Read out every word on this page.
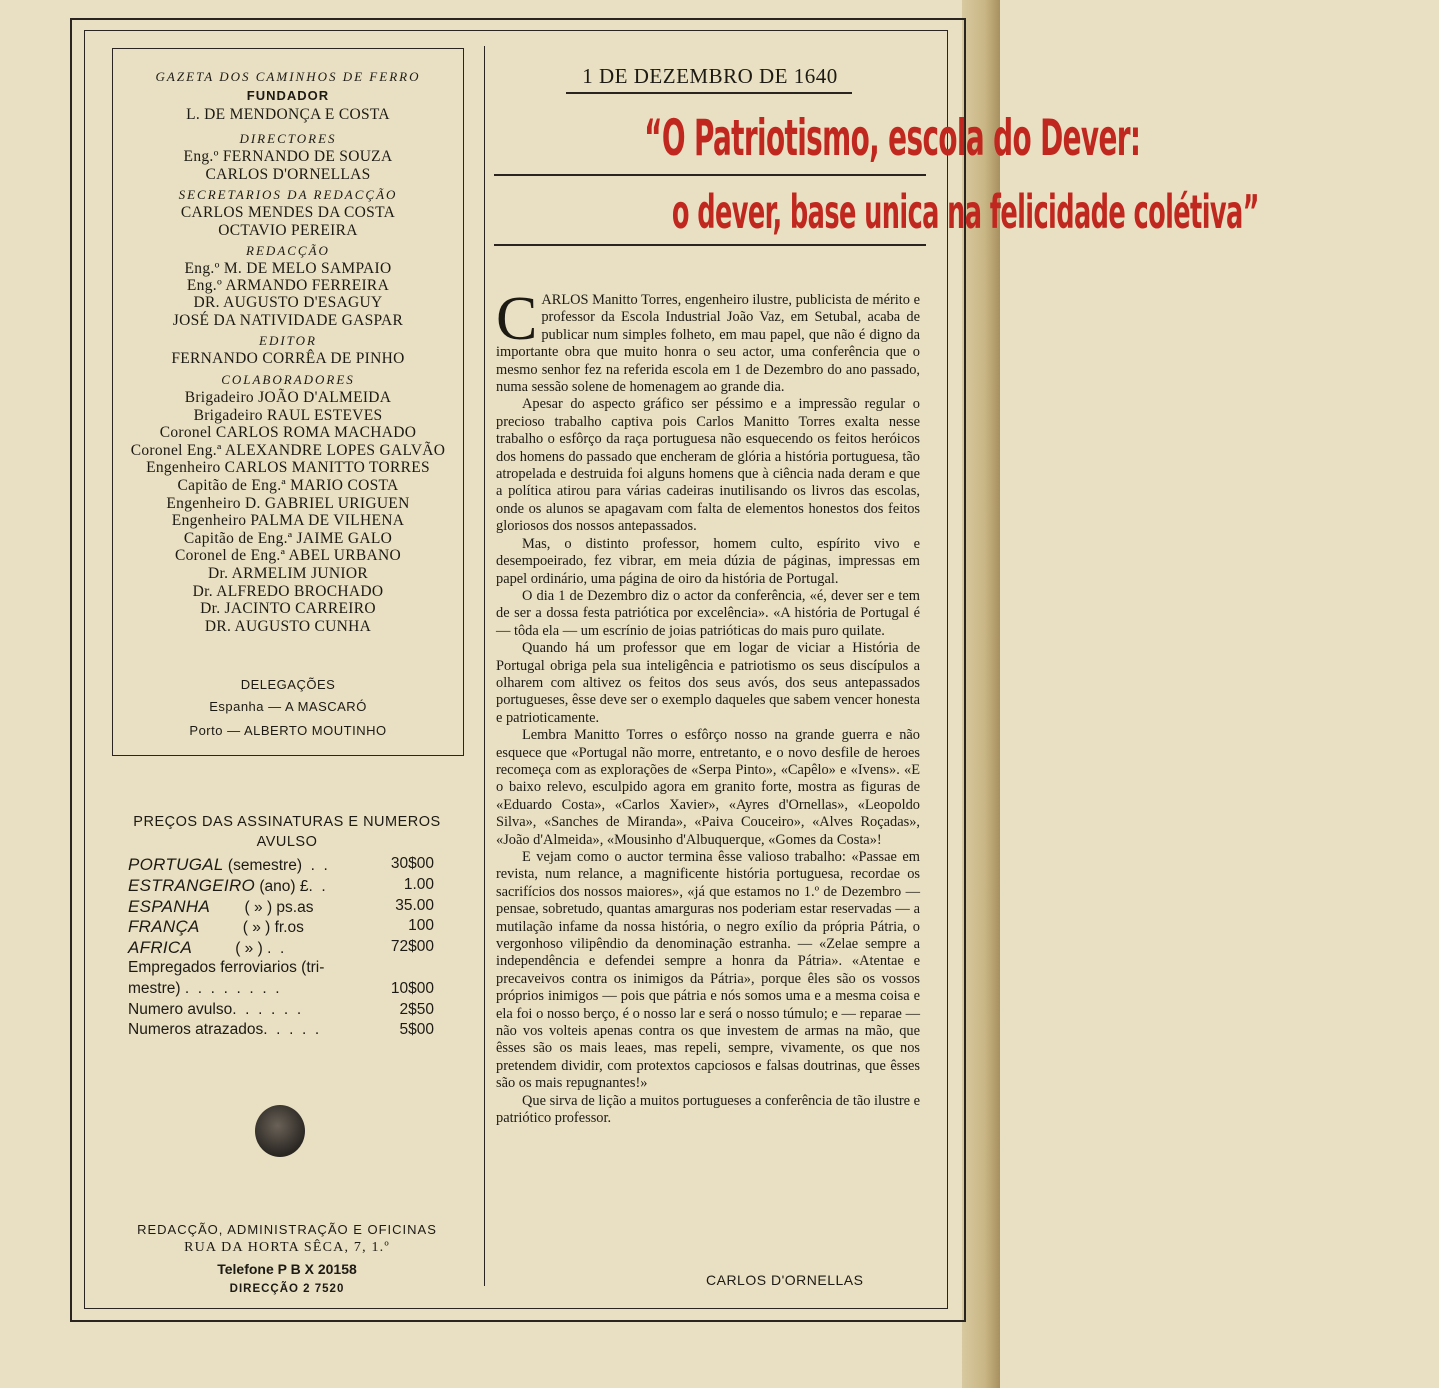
GAZETA DOS CAMINHOS DE FERRO
FUNDADOR
L. DE MENDONÇA E COSTA
DIRECTORES
Eng.º FERNANDO DE SOUZA
CARLOS D'ORNELLAS
SECRETARIOS DA REDACÇÃO
CARLOS MENDES DA COSTA
OCTAVIO PEREIRA
REDACÇÃO
Eng.º M. DE MELO SAMPAIO
Eng.º ARMANDO FERREIRA
DR. AUGUSTO D'ESAGUY
JOSÉ DA NATIVIDADE GASPAR
EDITOR
FERNANDO CORRÊA DE PINHO
COLABORADORES
Brigadeiro JOÃO D'ALMEIDA
Brigadeiro RAUL ESTEVES
Coronel CARLOS ROMA MACHADO
Coronel Eng.ª ALEXANDRE LOPES GALVÃO
Engenheiro CARLOS MANITTO TORRES
Capitão de Eng.ª MARIO COSTA
Engenheiro D. GABRIEL URIGUEN
Engenheiro PALMA DE VILHENA
Capitão de Eng.ª JAIME GALO
Coronel de Eng.ª ABEL URBANO
Dr. ARMELIM JUNIOR
Dr. ALFREDO BROCHADO
Dr. JACINTO CARREIRO
DR. AUGUSTO CUNHA
DELEGAÇÕES
Espanha — A MASCARÓ
Porto — ALBERTO MOUTINHO
PREÇOS DAS ASSINATURAS E NUMEROS AVULSO
PORTUGAL (semestre)  .  .	30$00
ESTRANGEIRO (ano) £.  .	1.00
ESPANHA        ( » ) ps.as	35.00
FRANÇA          ( » ) fr.os	100
AFRICA          ( » ) .  .	72$00
Empregados ferroviarios (tri-
mestre) .  .  .  .  .  .  .  .	10$00
Numero avulso.  .  .  .  .  .	2$50
Numeros atrazados.  .  .  .  .	5$00
REDACÇÃO, ADMINISTRAÇÃO E OFICINAS
RUA DA HORTA SÊCA, 7, 1.º
Telefone P B X 20158
DIRECÇÃO 2 7520
1 DE DEZEMBRO DE 1640
“O Patriotismo, escola do Dever:
o dever, base unica na felicidade colétiva”

CARLOS Manitto Torres, engenheiro ilustre, publicista de mérito e professor da Escola Industrial João Vaz, em Setubal, acaba de publicar num simples folheto, em mau papel, que não é digno da importante obra que muito honra o seu actor, uma conferência que o mesmo senhor fez na referida escola em 1 de Dezembro do ano passado, numa sessão solene de homenagem ao grande dia.

Apesar do aspecto gráfico ser péssimo e a impressão regular o precioso trabalho captiva pois Carlos Manitto Torres exalta nesse trabalho o esfôrço da raça portuguesa não esquecendo os feitos heróicos dos homens do passado que encheram de glória a história portuguesa, tão atropelada e destruida foi alguns homens que à ciência nada deram e que a política atirou para várias cadeiras inutilisando os livros das escolas, onde os alunos se apagavam com falta de elementos honestos dos feitos gloriosos dos nossos antepassados.

Mas, o distinto professor, homem culto, espírito vivo e desempoeirado, fez vibrar, em meia dúzia de páginas, impressas em papel ordinário, uma página de oiro da história de Portugal.

O dia 1 de Dezembro diz o actor da conferência, «é, dever ser e tem de ser a dossa festa patriótica por excelência». «A história de Portugal é — tôda ela — um escrínio de joias patrióticas do mais puro quilate.

Quando há um professor que em logar de viciar a História de Portugal obriga pela sua inteligência e patriotismo os seus discípulos a olharem com altivez os feitos dos seus avós, dos seus antepassados portugueses, êsse deve ser o exemplo daqueles que sabem vencer honesta e patrioticamente.

Lembra Manitto Torres o esfôrço nosso na grande guerra e não esquece que «Portugal não morre, entretanto, e o novo desfile de heroes recomeça com as explorações de «Serpa Pinto», «Capêlo» e «Ivens». «E o baixo relevo, esculpido agora em granito forte, mostra as figuras de «Eduardo Costa», «Carlos Xavier», «Ayres d'Ornellas», «Leopoldo Silva», «Sanches de Miranda», «Paiva Couceiro», «Alves Roçadas», «João d'Almeida», «Mousinho d'Albuquerque, «Gomes da Costa»!

E vejam como o auctor termina êsse valioso trabalho: «Passae em revista, num relance, a magnificente história portuguesa, recordae os sacrifícios dos nossos maiores», «já que estamos no 1.º de Dezembro — pensae, sobretudo, quantas amarguras nos poderiam estar reservadas — a mutilação infame da nossa história, o negro exílio da própria Pátria, o vergonhoso vilipêndio da denominação estranha. — «Zelae sempre a independência e defendei sempre a honra da Pátria». «Atentae e precaveivos contra os inimigos da Pátria», porque êles são os vossos próprios inimigos — pois que pátria e nós somos uma e a mesma coisa e ela foi o nosso berço, é o nosso lar e será o nosso túmulo; e — reparae — não vos volteis apenas contra os que investem de armas na mão, que êsses são os mais leaes, mas repeli, sempre, vivamente, os que nos pretendem dividir, com protextos capciosos e falsas doutrinas, que êsses são os mais repugnantes!»

Que sirva de lição a muitos portugueses a conferência de tão ilustre e patriótico professor.

CARLOS D'ORNELLAS
